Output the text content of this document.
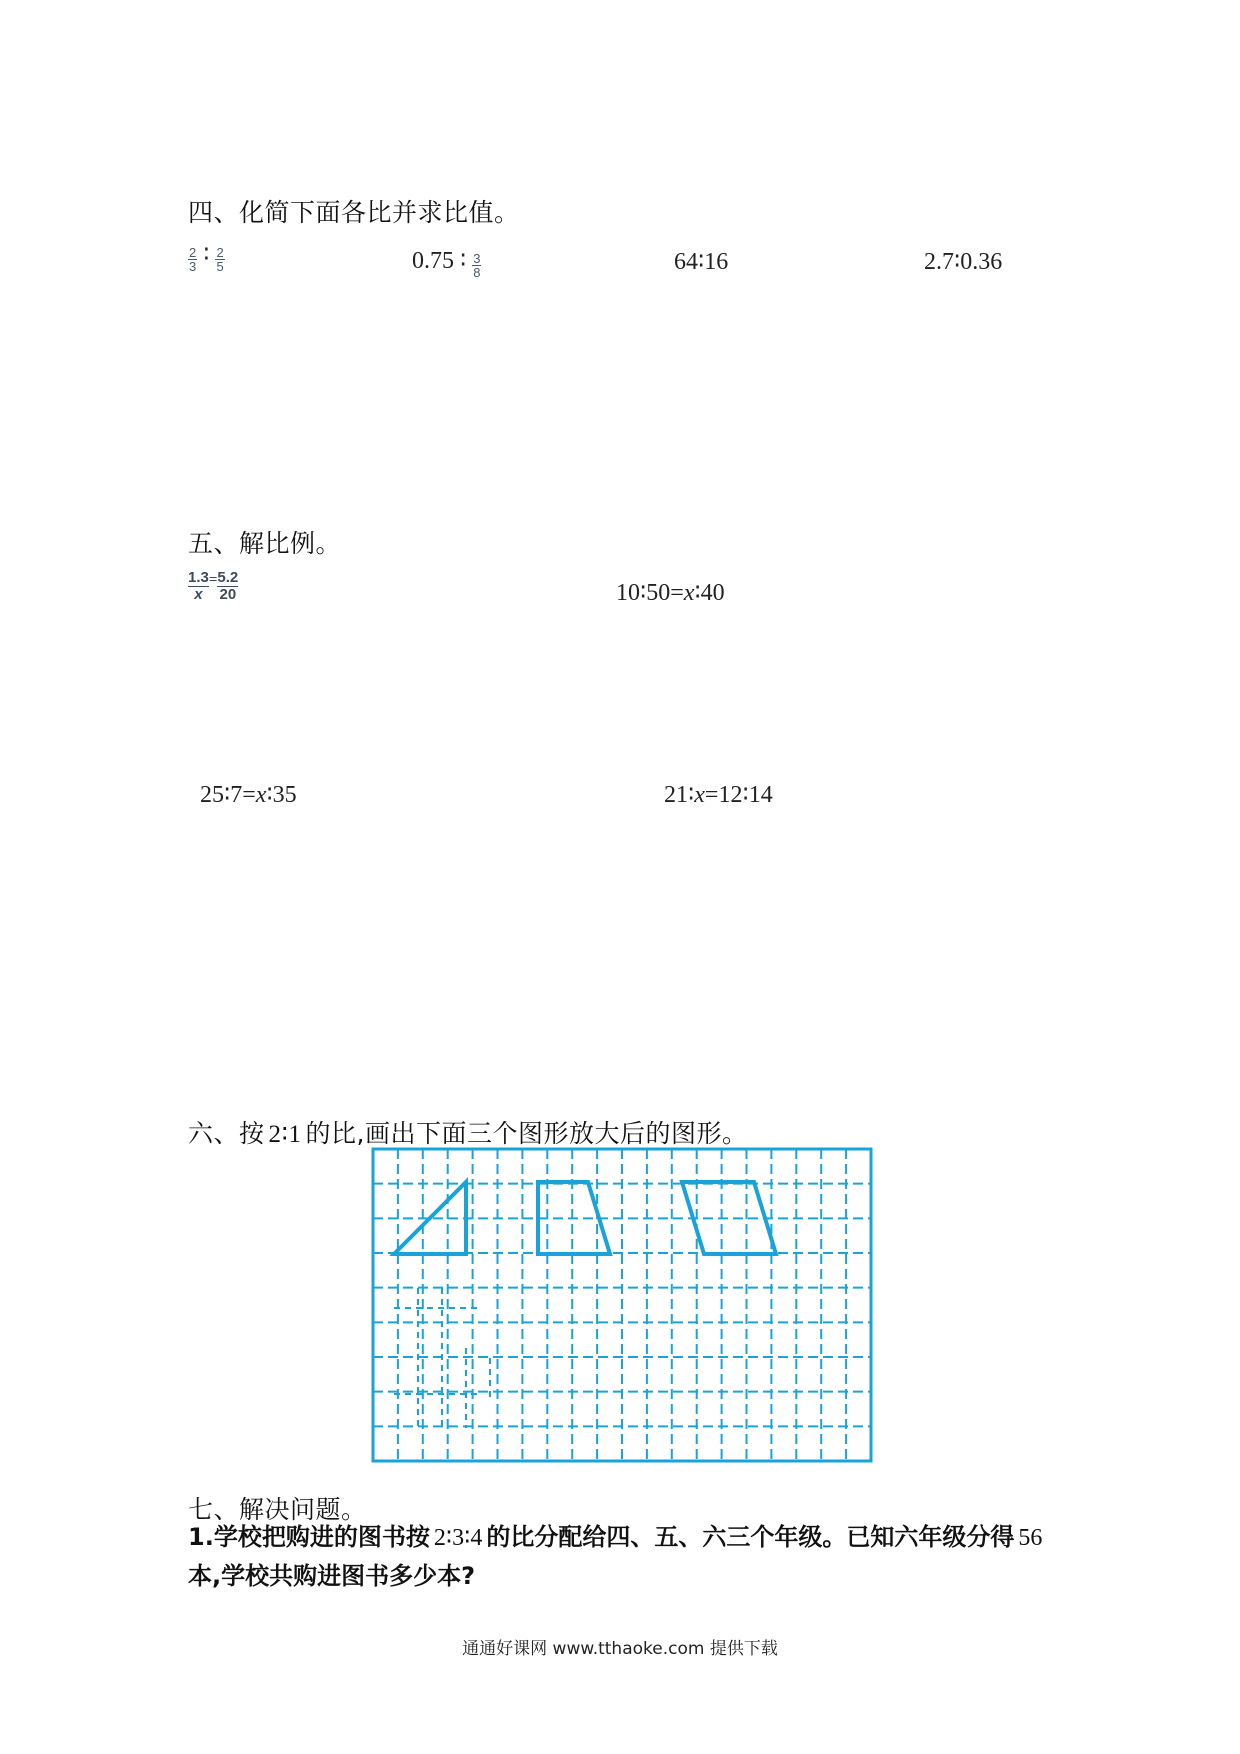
四、化简下面各比并求比值。
$\frac{2}{3}$ ∶ $\frac{2}{5}$	0.75 ∶ $\frac{3}{8}$	64∶16	2.7∶0.36
五、解比例。
$\frac{1.3}{x} ^= \frac{5.2}{20}$	10∶50=x∶40
25∶7=x∶35	21∶x=12∶14
六、按 2∶1 的比,画出下面三个图形放大后的图形。
七、解决问题。
1.学校把购进的图书按 2∶3∶4 的比分配给四、五、六三个年级。已知六年级分得 56本,学校共购进图书多少本?
通通好课网 www.tthaoke.com 提供下载
